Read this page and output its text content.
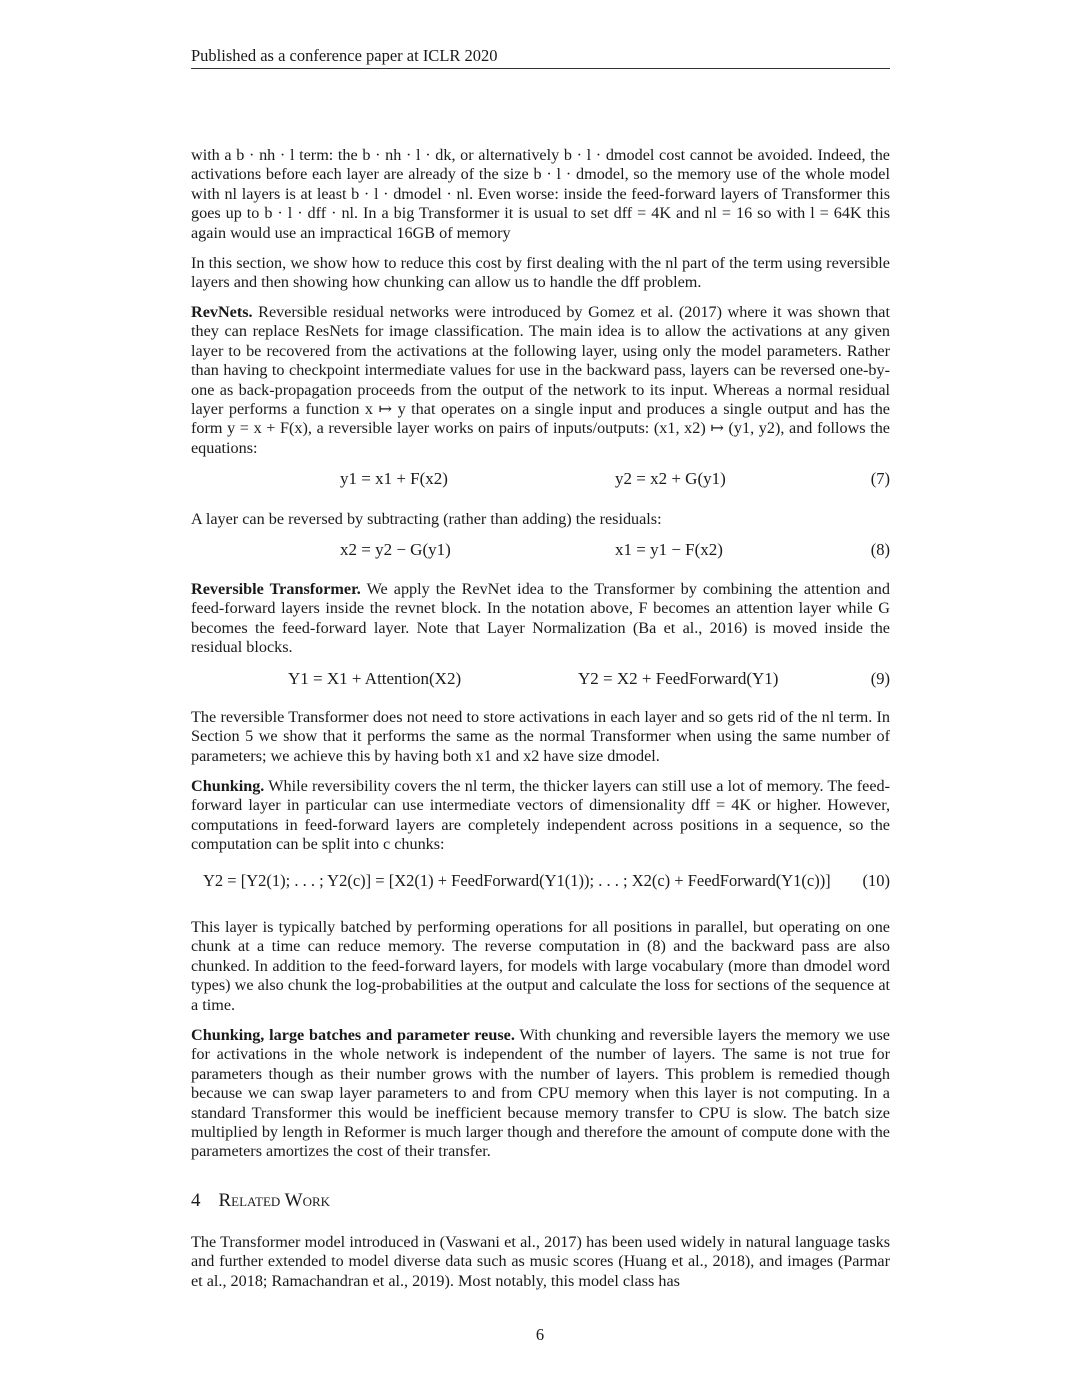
Published as a conference paper at ICLR 2020

with a b · nh · l term: the b · nh · l · dk, or alternatively b · l · dmodel cost cannot be avoided. Indeed, the activations before each layer are already of the size b · l · dmodel, so the memory use of the whole model with nl layers is at least b · l · dmodel · nl. Even worse: inside the feed-forward layers of Transformer this goes up to b · l · dff · nl. In a big Transformer it is usual to set dff = 4K and nl = 16 so with l = 64K this again would use an impractical 16GB of memory

In this section, we show how to reduce this cost by first dealing with the nl part of the term using reversible layers and then showing how chunking can allow us to handle the dff problem.

RevNets. Reversible residual networks were introduced by Gomez et al. (2017) where it was shown that they can replace ResNets for image classification. The main idea is to allow the activations at any given layer to be recovered from the activations at the following layer, using only the model parameters. Rather than having to checkpoint intermediate values for use in the backward pass, layers can be reversed one-by-one as back-propagation proceeds from the output of the network to its input. Whereas a normal residual layer performs a function x ↦ y that operates on a single input and produces a single output and has the form y = x + F(x), a reversible layer works on pairs of inputs/outputs: (x1, x2) ↦ (y1, y2), and follows the equations:

y1 = x1 + F(x2)	y2 = x2 + G(y1)	(7)

A layer can be reversed by subtracting (rather than adding) the residuals:

x2 = y2 − G(y1)	x1 = y1 − F(x2)	(8)

Reversible Transformer. We apply the RevNet idea to the Transformer by combining the attention and feed-forward layers inside the revnet block. In the notation above, F becomes an attention layer while G becomes the feed-forward layer. Note that Layer Normalization (Ba et al., 2016) is moved inside the residual blocks.

Y1 = X1 + Attention(X2)	Y2 = X2 + FeedForward(Y1)	(9)

The reversible Transformer does not need to store activations in each layer and so gets rid of the nl term. In Section 5 we show that it performs the same as the normal Transformer when using the same number of parameters; we achieve this by having both x1 and x2 have size dmodel.

Chunking. While reversibility covers the nl term, the thicker layers can still use a lot of memory. The feed-forward layer in particular can use intermediate vectors of dimensionality dff = 4K or higher. However, computations in feed-forward layers are completely independent across positions in a sequence, so the computation can be split into c chunks:

Y2 = [Y2(1); . . . ; Y2(c)] = [X2(1) + FeedForward(Y1(1)); . . . ; X2(c) + FeedForward(Y1(c))] (10)

This layer is typically batched by performing operations for all positions in parallel, but operating on one chunk at a time can reduce memory. The reverse computation in (8) and the backward pass are also chunked. In addition to the feed-forward layers, for models with large vocabulary (more than dmodel word types) we also chunk the log-probabilities at the output and calculate the loss for sections of the sequence at a time.

Chunking, large batches and parameter reuse. With chunking and reversible layers the memory we use for activations in the whole network is independent of the number of layers. The same is not true for parameters though as their number grows with the number of layers. This problem is remedied though because we can swap layer parameters to and from CPU memory when this layer is not computing. In a standard Transformer this would be inefficient because memory transfer to CPU is slow. The batch size multiplied by length in Reformer is much larger though and therefore the amount of compute done with the parameters amortizes the cost of their transfer.

4 Related Work

The Transformer model introduced in (Vaswani et al., 2017) has been used widely in natural language tasks and further extended to model diverse data such as music scores (Huang et al., 2018), and images (Parmar et al., 2018; Ramachandran et al., 2019). Most notably, this model class has

6
